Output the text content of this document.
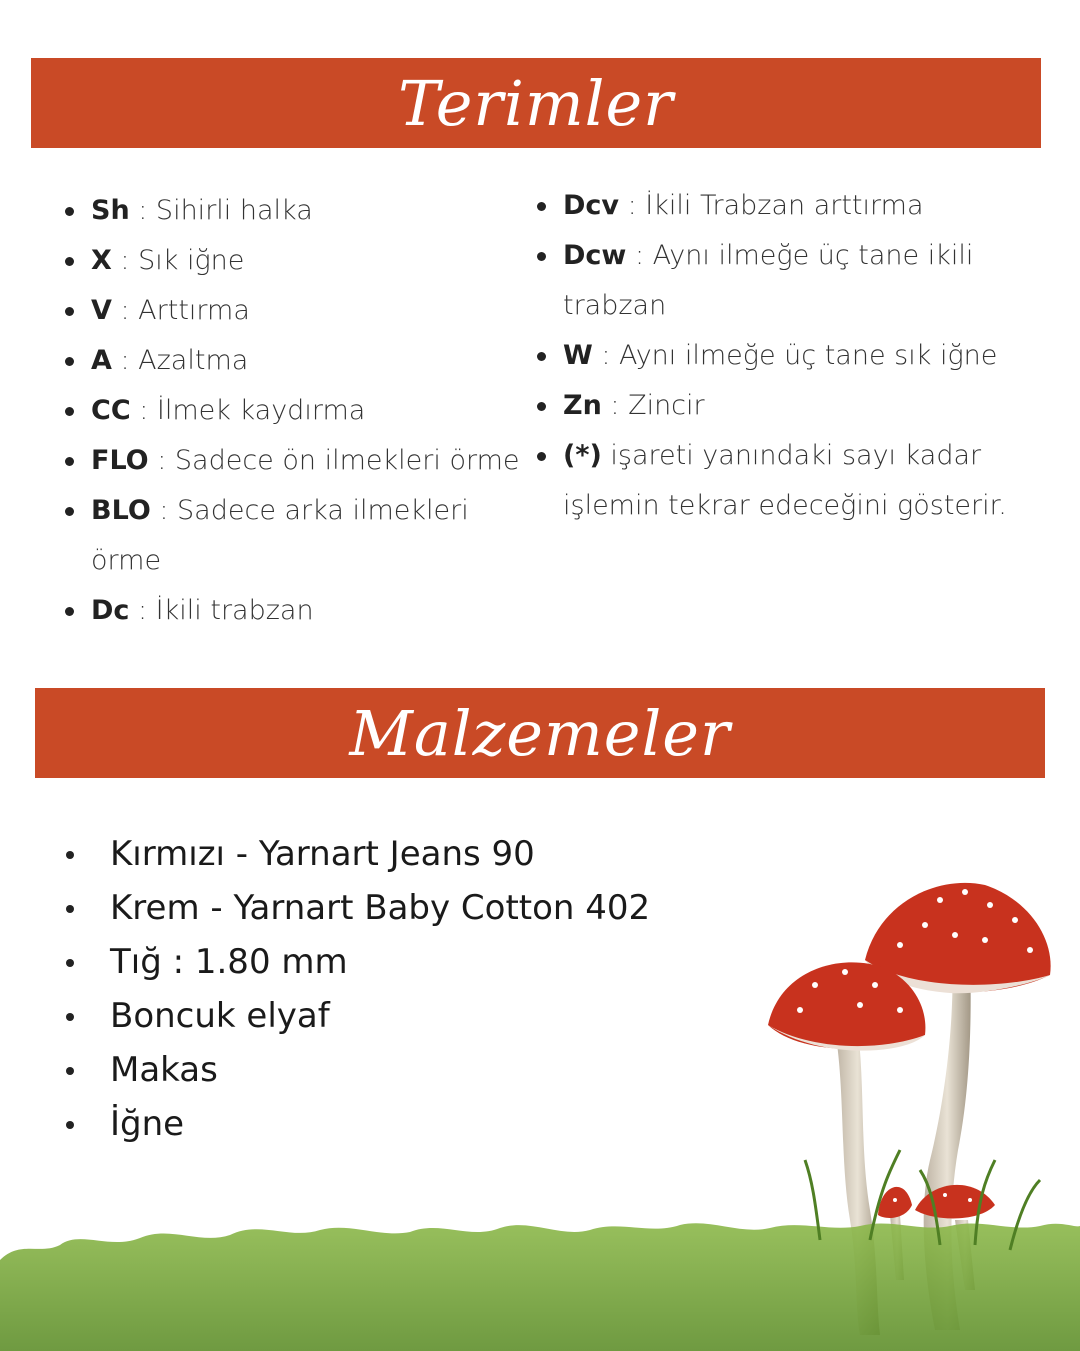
Terimler
Sh : Sihirli halka
X : Sık iğne
V : Arttırma
A : Azaltma
CC : İlmek kaydırma
FLO : Sadece ön ilmekleri örme
BLO : Sadece arka ilmekleri örme
Dc : İkili trabzan
Dcv : İkili Trabzan arttırma
Dcw : Aynı ilmeğe üç tane ikili trabzan
W : Aynı ilmeğe üç tane sık iğne
Zn : Zincir
(*) işareti yanındaki sayı kadar işlemin tekrar edeceğini gösterir.
Malzemeler
Kırmızı - Yarnart Jeans 90
Krem - Yarnart Baby Cotton 402
Tığ : 1.80 mm
Boncuk elyaf
Makas
İğne
